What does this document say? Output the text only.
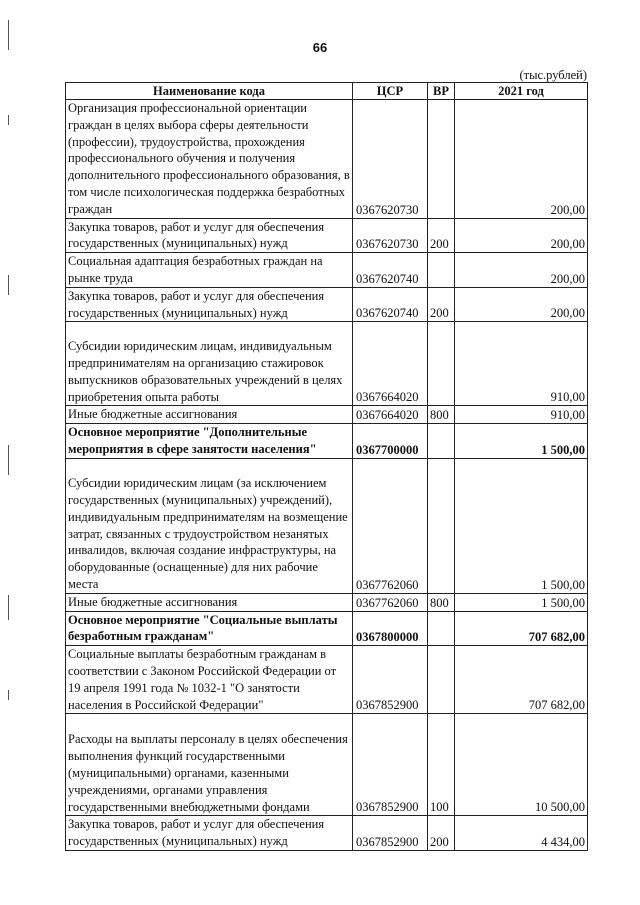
66
(тыс.рублей)
Наименование кода	ЦСР	ВР	2021 год
Организация профессиональной ориентации граждан в целях выбора сферы деятельности (профессии), трудоустройства, прохождения профессионального обучения и получения дополнительного профессионального образования, в том числе психологическая поддержка безработных граждан	0367620730		200,00
Закупка товаров, работ и услуг для обеспечения государственных (муниципальных) нужд	0367620730	200	200,00
Социальная адаптация безработных граждан на рынке труда	0367620740		200,00
Закупка товаров, работ и услуг для обеспечения государственных (муниципальных) нужд	0367620740	200	200,00
Субсидии юридическим лицам, индивидуальным предпринимателям на организацию стажировок выпускников образовательных учреждений в целях приобретения опыта работы	0367664020		910,00
Иные бюджетные ассигнования	0367664020	800	910,00
Основное мероприятие "Дополнительные мероприятия в сфере занятости населения"	0367700000		1 500,00
Субсидии юридическим лицам (за исключением государственных (муниципальных) учреждений), индивидуальным предпринимателям на возмещение затрат, связанных с трудоустройством незанятых инвалидов, включая создание инфраструктуры, на оборудованные (оснащенные) для них рабочие места	0367762060		1 500,00
Иные бюджетные ассигнования	0367762060	800	1 500,00
Основное мероприятие "Социальные выплаты безработным гражданам"	0367800000		707 682,00
Социальные выплаты безработным гражданам в соответствии с Законом Российской Федерации от 19 апреля 1991 года № 1032-1 "О занятости населения в Российской Федерации"	0367852900		707 682,00
Расходы на выплаты персоналу в целях обеспечения выполнения функций государственными (муниципальными) органами, казенными учреждениями, органами управления государственными внебюджетными фондами	0367852900	100	10 500,00
Закупка товаров, работ и услуг для обеспечения государственных (муниципальных) нужд	0367852900	200	4 434,00
